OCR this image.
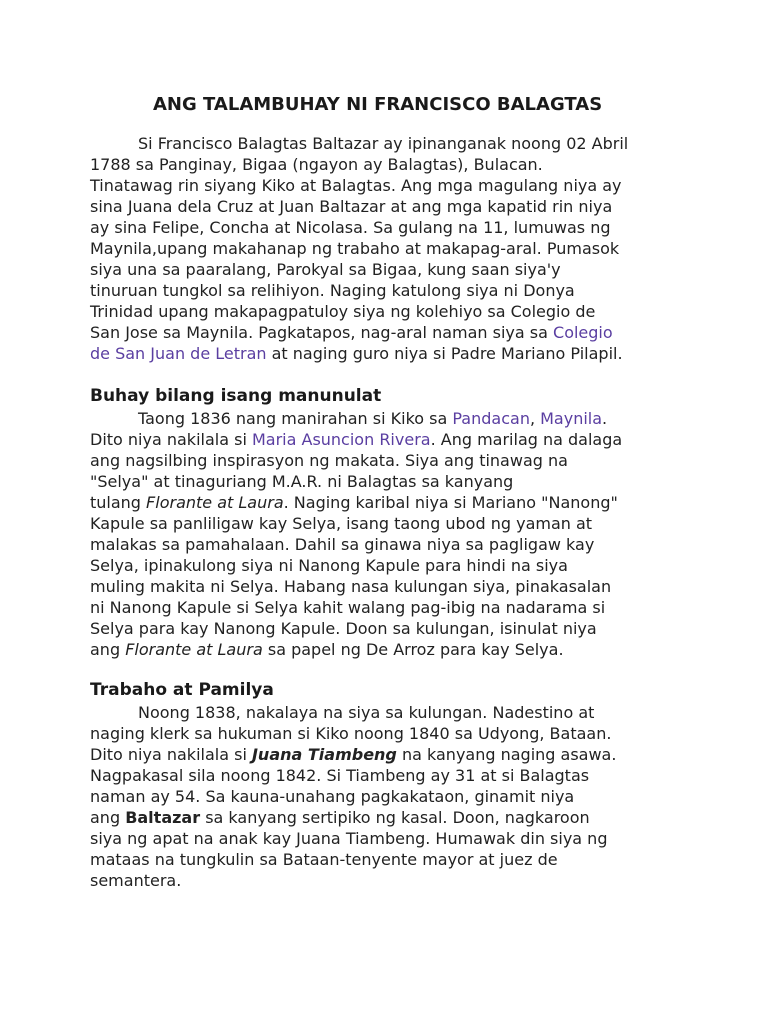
ANG TALAMBUHAY NI FRANCISCO BALAGTAS

Si Francisco Balagtas Baltazar ay ipinanganak noong 02 Abril
1788 sa Panginay, Bigaa (ngayon ay Balagtas), Bulacan.
Tinatawag rin siyang Kiko at Balagtas. Ang mga magulang niya ay
sina Juana dela Cruz at Juan Baltazar at ang mga kapatid rin niya
ay sina Felipe, Concha at Nicolasa. Sa gulang na 11, lumuwas ng
Maynila,upang makahanap ng trabaho at makapag-aral. Pumasok
siya una sa paaralang, Parokyal sa Bigaa, kung saan siya'y
tinuruan tungkol sa relihiyon. Naging katulong siya ni Donya
Trinidad upang makapagpatuloy siya ng kolehiyo sa Colegio de
San Jose sa Maynila. Pagkatapos, nag-aral naman siya sa Colegio
de San Juan de Letran at naging guro niya si Padre Mariano Pilapil.

Buhay bilang isang manunulat

Taong 1836 nang manirahan si Kiko sa Pandacan, Maynila.
Dito niya nakilala si Maria Asuncion Rivera. Ang marilag na dalaga
ang nagsilbing inspirasyon ng makata. Siya ang tinawag na
"Selya" at tinaguriang M.A.R. ni Balagtas sa kanyang
tulang Florante at Laura. Naging karibal niya si Mariano "Nanong"
Kapule sa panliligaw kay Selya, isang taong ubod ng yaman at
malakas sa pamahalaan. Dahil sa ginawa niya sa pagligaw kay
Selya, ipinakulong siya ni Nanong Kapule para hindi na siya
muling makita ni Selya. Habang nasa kulungan siya, pinakasalan
ni Nanong Kapule si Selya kahit walang pag-ibig na nadarama si
Selya para kay Nanong Kapule. Doon sa kulungan, isinulat niya
ang Florante at Laura sa papel ng De Arroz para kay Selya.

Trabaho at Pamilya

Noong 1838, nakalaya na siya sa kulungan. Nadestino at
naging klerk sa hukuman si Kiko noong 1840 sa Udyong, Bataan.
Dito niya nakilala si Juana Tiambeng na kanyang naging asawa.
Nagpakasal sila noong 1842. Si Tiambeng ay 31 at si Balagtas
naman ay 54. Sa kauna-unahang pagkakataon, ginamit niya
ang Baltazar sa kanyang sertipiko ng kasal. Doon, nagkaroon
siya ng apat na anak kay Juana Tiambeng. Humawak din siya ng
mataas na tungkulin sa Bataan-tenyente mayor at juez de
semantera.
